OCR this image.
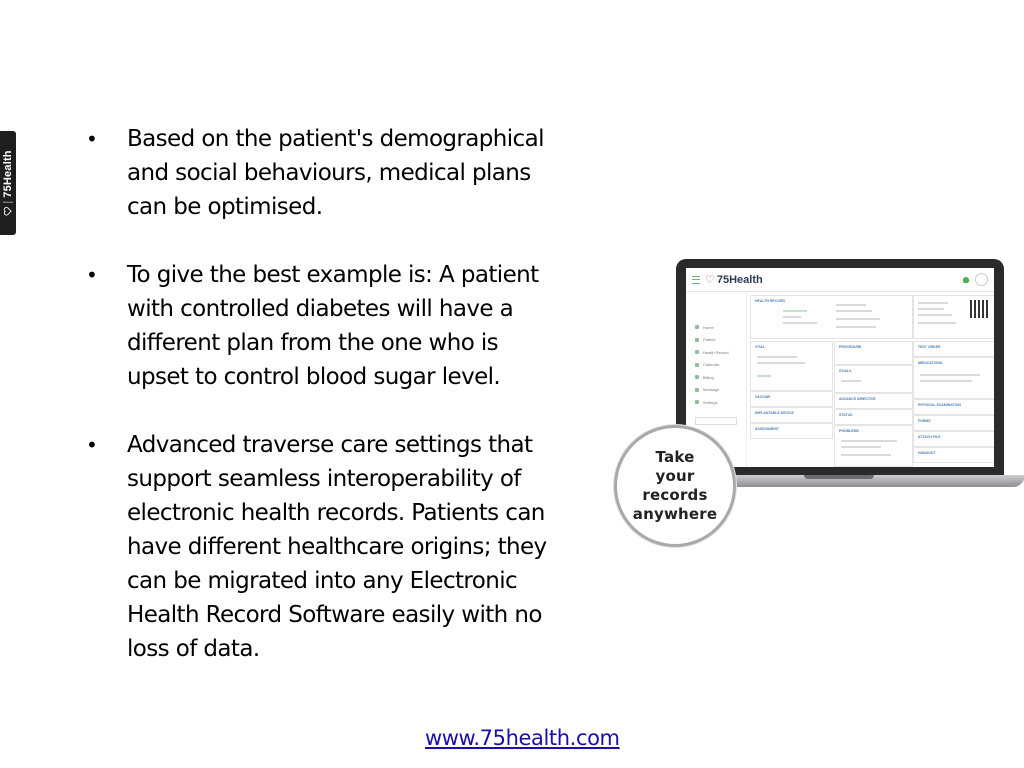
75Health
• Based on the patient's demographical and social behaviours, medical plans can be optimised.
• To give the best example is: A patient with controlled diabetes will have a different plan from the one who is upset to control blood sugar level.
• Advanced traverse care settings that support seamless interoperability of electronic health records. Patients can have different healthcare origins; they can be migrated into any Electronic Health Record Software easily with no loss of data.
www.75health.com
♡ 75Health
Home
Patient
Health Record
Calendar
Billing
Message
Settings
HEALTH RECORD
VITAL	PROCEDURE	TEST ORDER
MEDICATIONS
GOALS
VACCINE
IMPLANTABLE DEVICE
ADVANCE DIRECTIVE
PHYSICAL EXAMINATION
ASSESSMENT
STATUS
FORMS
PROBLEMS
ATTACH FILE
HANDOUT
Take
your
records
anywhere
